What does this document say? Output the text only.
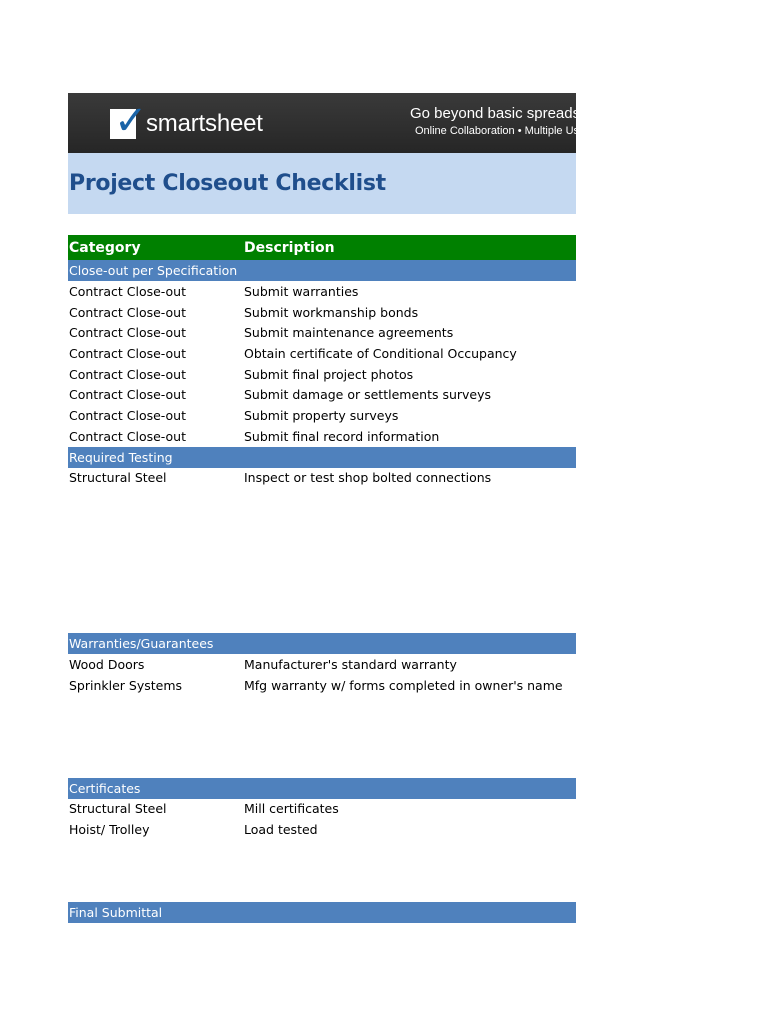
✓
smartsheet	Go beyond basic spreadsheets
Online Collaboration • Multiple Users
Project Closeout Checklist
Category	Description
Close-out per Specification
Contract Close-out	Submit warranties
Contract Close-out	Submit workmanship bonds
Contract Close-out	Submit maintenance agreements
Contract Close-out	Obtain certificate of Conditional Occupancy
Contract Close-out	Submit final project photos
Contract Close-out	Submit damage or settlements surveys
Contract Close-out	Submit property surveys
Contract Close-out	Submit final record information
Required Testing
Structural Steel	Inspect or test shop bolted connections
Warranties/Guarantees
Wood Doors	Manufacturer's standard warranty
Sprinkler Systems	Mfg warranty w/ forms completed in owner's name
Certificates
Structural Steel	Mill certificates
Hoist/ Trolley	Load tested
Final Submittal
